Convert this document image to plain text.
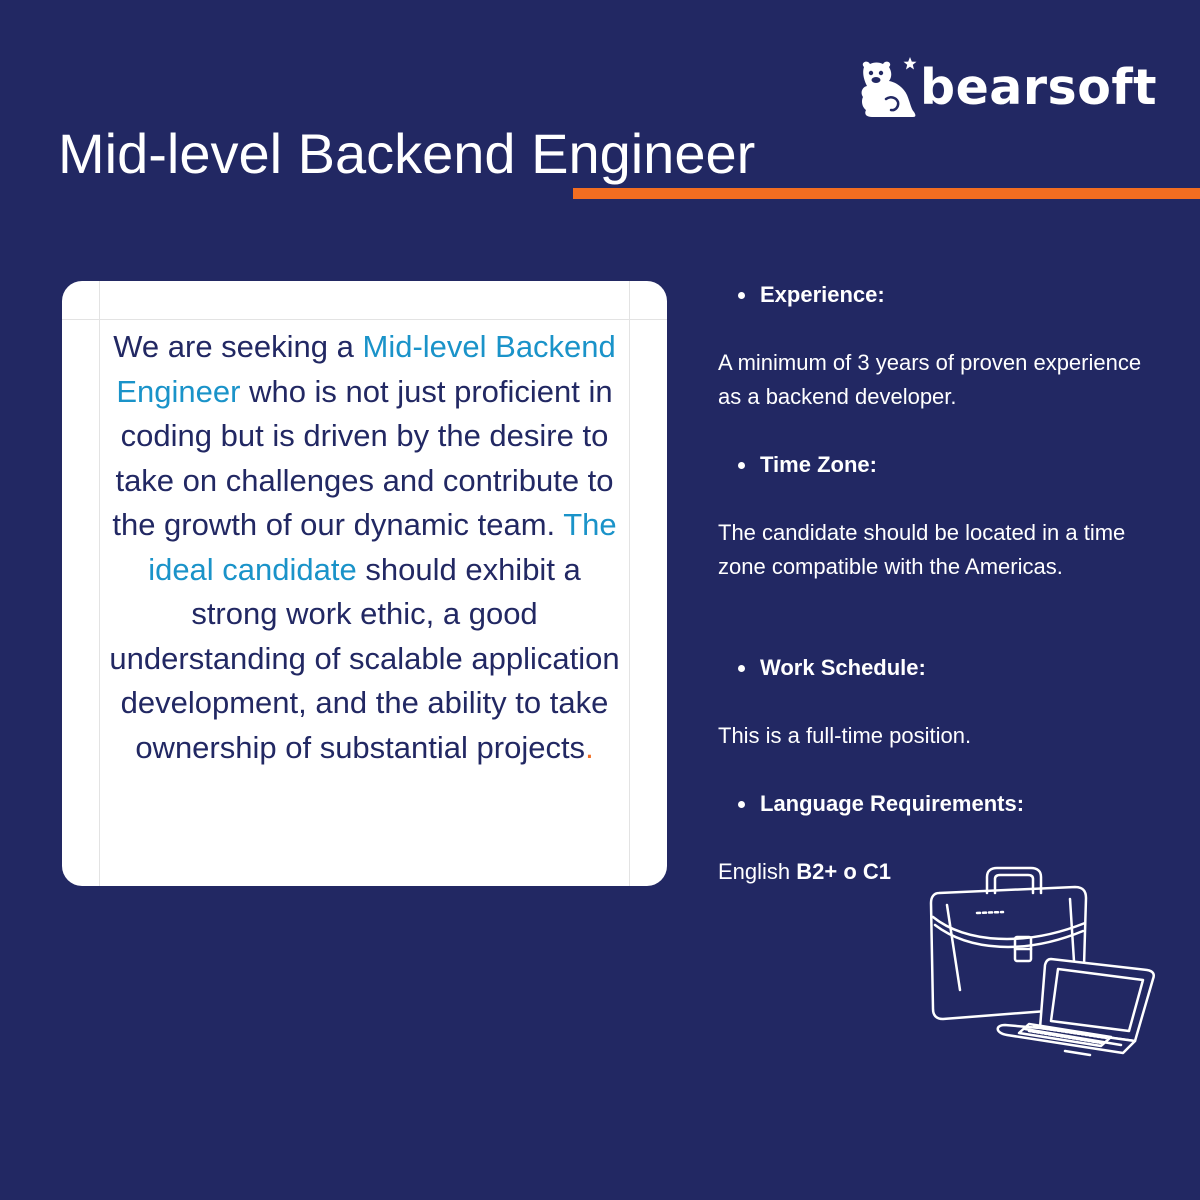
bearsoft
Mid-level Backend Engineer

We are seeking a Mid-level Backend Engineer who is not just proficient in coding but is driven by the desire to take on challenges and contribute to the growth of our dynamic team. The ideal candidate should exhibit a strong work ethic, a good understanding of scalable application development, and the ability to take ownership of substantial projects.

Experience:

A minimum of 3 years of proven experience as a backend developer.

Time Zone:

The candidate should be located in a time zone compatible with the Americas.

Work Schedule:

This is a full-time position.

Language Requirements:

English B2+ o C1
